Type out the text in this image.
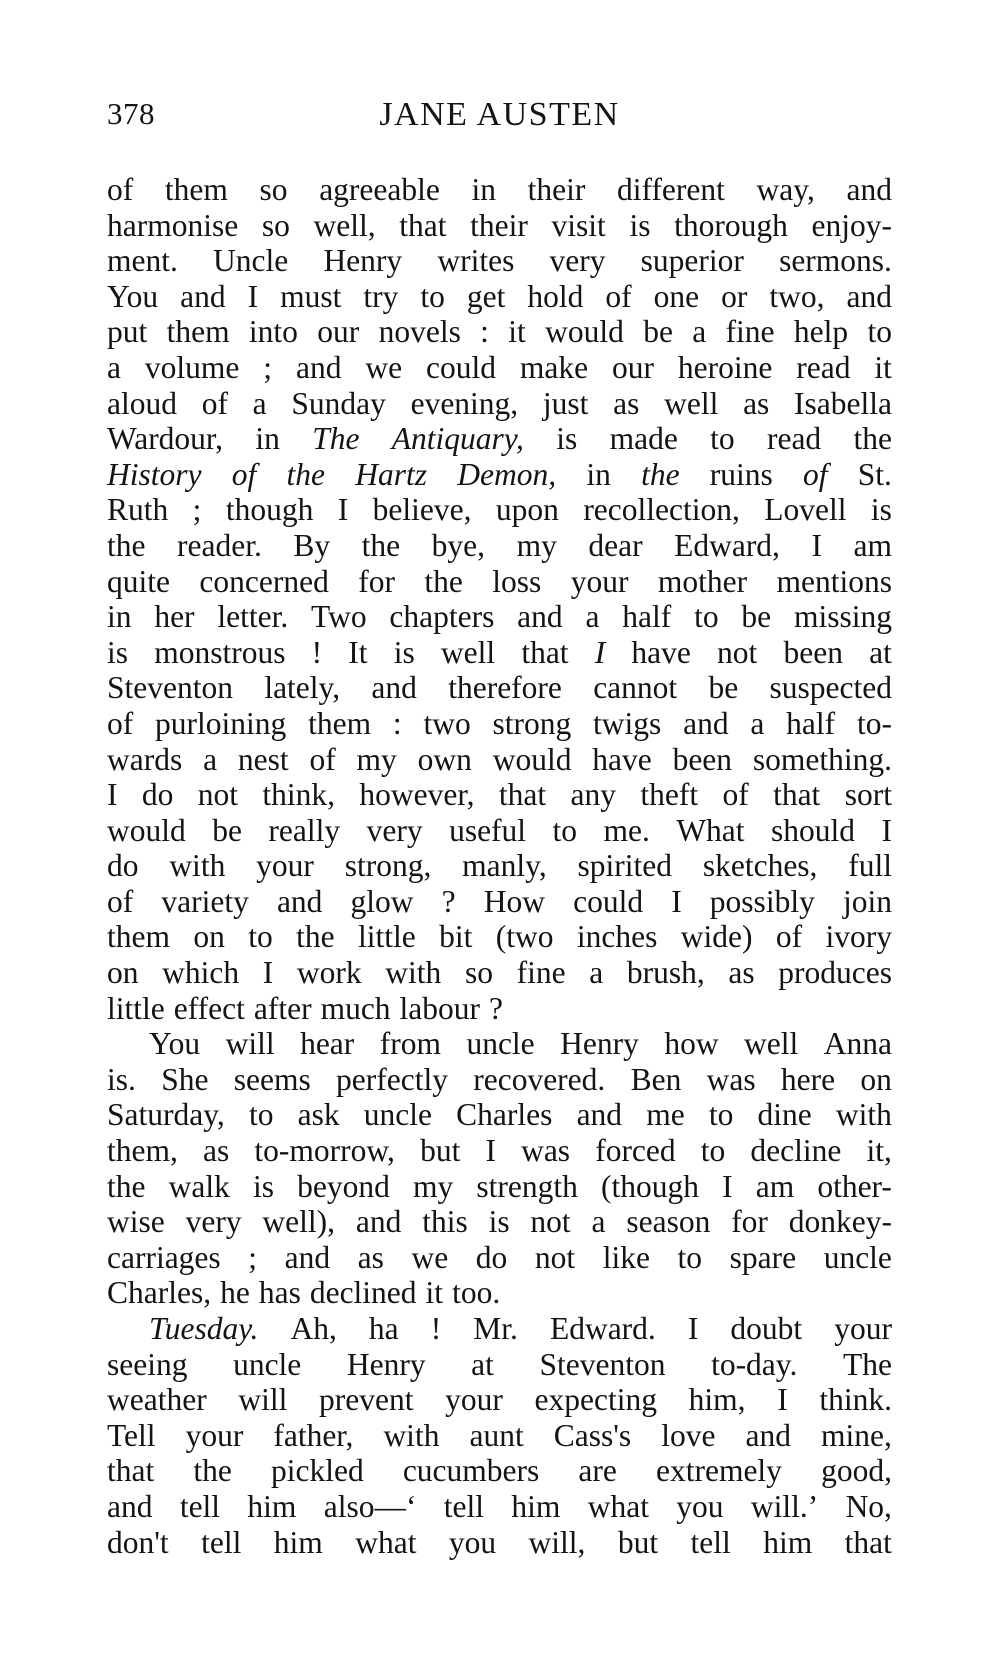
378	JANE AUSTEN
of them so agreeable in their different way, and
harmonise so well, that their visit is thorough enjoy-
ment. Uncle Henry writes very superior sermons.
You and I must try to get hold of one or two, and
put them into our novels : it would be a fine help to
a volume ; and we could make our heroine read it
aloud of a Sunday evening, just as well as Isabella
Wardour, in The Antiquary, is made to read the
History of the Hartz Demon, in the ruins of St.
Ruth ; though I believe, upon recollection, Lovell is
the reader. By the bye, my dear Edward, I am
quite concerned for the loss your mother mentions
in her letter. Two chapters and a half to be missing
is monstrous ! It is well that I have not been at
Steventon lately, and therefore cannot be suspected
of purloining them : two strong twigs and a half to-
wards a nest of my own would have been something.
I do not think, however, that any theft of that sort
would be really very useful to me. What should I
do with your strong, manly, spirited sketches, full
of variety and glow ? How could I possibly join
them on to the little bit (two inches wide) of ivory
on which I work with so fine a brush, as produces
little effect after much labour ?
You will hear from uncle Henry how well Anna
is. She seems perfectly recovered. Ben was here on
Saturday, to ask uncle Charles and me to dine with
them, as to-morrow, but I was forced to decline it,
the walk is beyond my strength (though I am other-
wise very well), and this is not a season for donkey-
carriages ; and as we do not like to spare uncle
Charles, he has declined it too.
Tuesday. Ah, ha ! Mr. Edward. I doubt your
seeing uncle Henry at Steventon to-day. The
weather will prevent your expecting him, I think.
Tell your father, with aunt Cass's love and mine,
that the pickled cucumbers are extremely good,
and tell him also—‘ tell him what you will.’ No,
don't tell him what you will, but tell him that
